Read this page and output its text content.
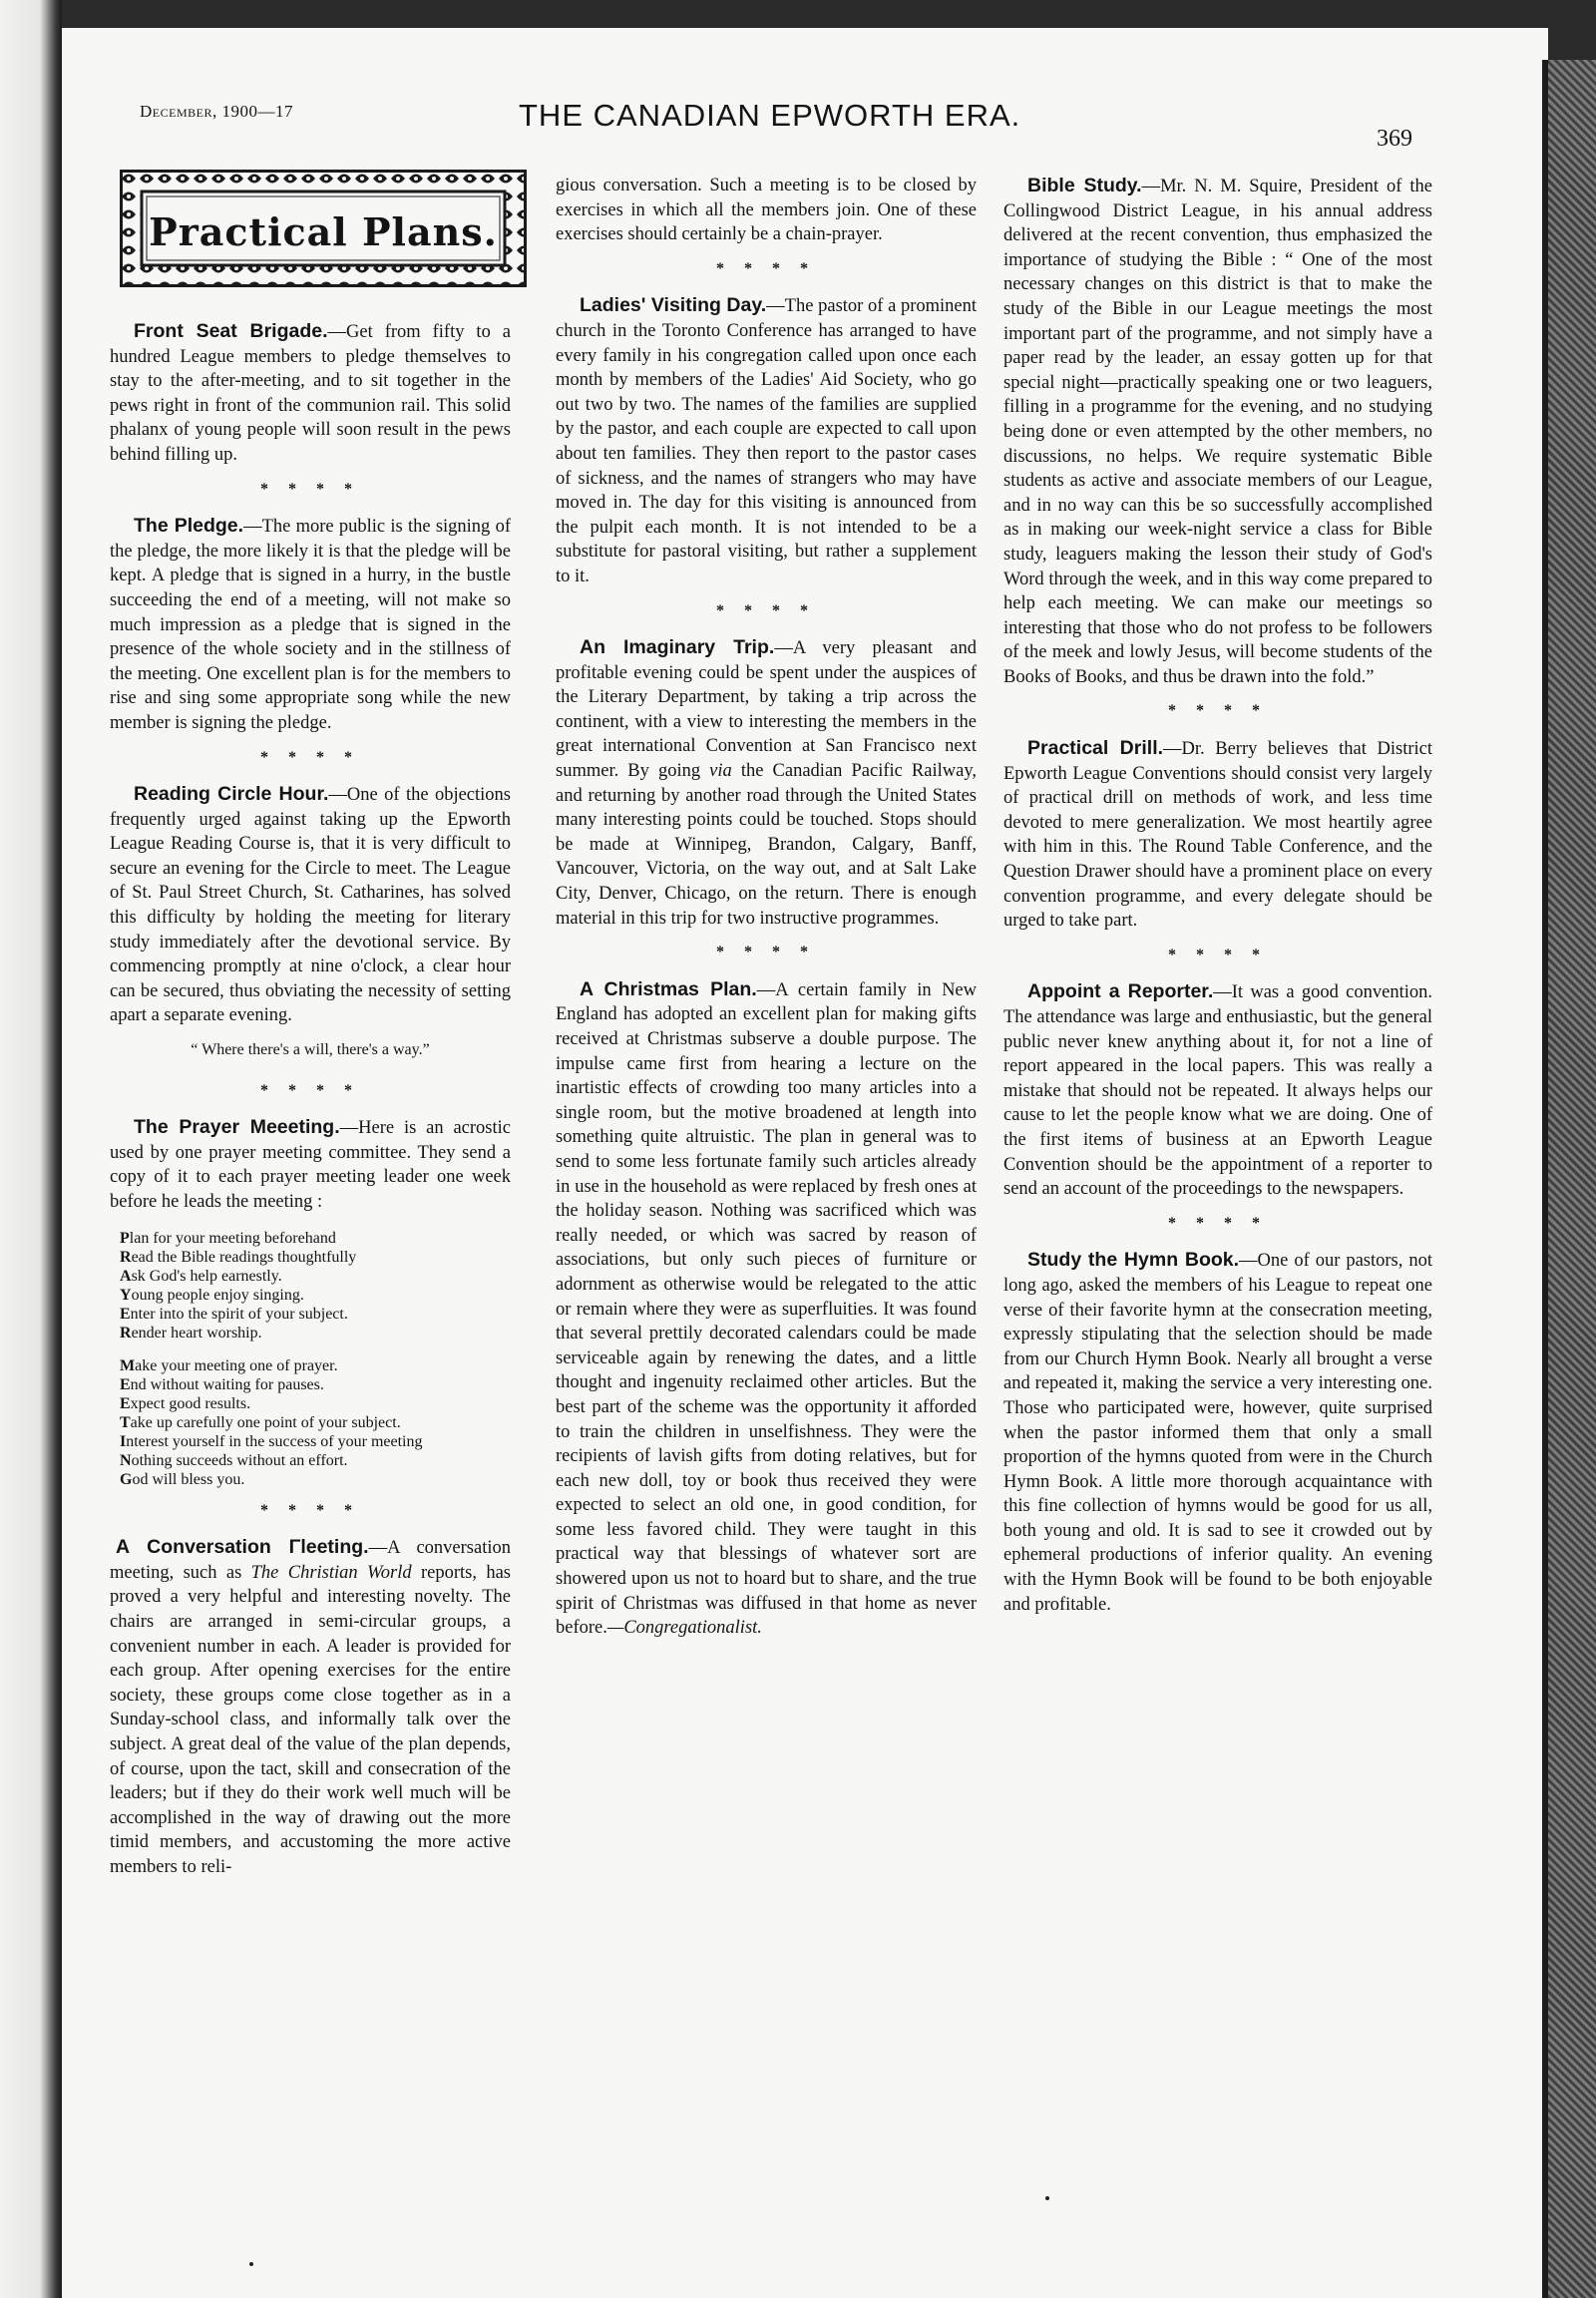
December, 1900—17	THE CANADIAN EPWORTH ERA.
369
Practical Plans.

Front Seat Brigade.—Get from fifty to a hundred League members to pledge themselves to stay to the after-meeting, and to sit together in the pews right in front of the communion rail. This solid phalanx of young people will soon result in the pews behind filling up.

* * * *

The Pledge.—The more public is the signing of the pledge, the more likely it is that the pledge will be kept. A pledge that is signed in a hurry, in the bustle succeeding the end of a meeting, will not make so much impression as a pledge that is signed in the presence of the whole society and in the stillness of the meeting. One excellent plan is for the members to rise and sing some appropriate song while the new member is signing the pledge.

* * * *

Reading Circle Hour.—One of the objections frequently urged against taking up the Epworth League Reading Course is, that it is very difficult to secure an evening for the Circle to meet. The League of St. Paul Street Church, St. Catharines, has solved this difficulty by holding the meeting for literary study immediately after the devotional service. By commencing promptly at nine o'clock, a clear hour can be secured, thus obviating the necessity of setting apart a separate evening.

“ Where there's a will, there's a way.”
* * * *

The Prayer Meeeting.—Here is an acrostic used by one prayer meeting committee. They send a copy of it to each prayer meeting leader one week before he leads the meeting :

Plan for your meeting beforehand
Read the Bible readings thoughtfully
Ask God's help earnestly.
Young people enjoy singing.
Enter into the spirit of your subject.
Render heart worship.
Make your meeting one of prayer.
End without waiting for pauses.
Expect good results.
Take up carefully one point of your subject.
Interest yourself in the success of your meeting
Nothing succeeds without an effort.
God will bless you.
* * * *

A Conversation Γleeting.—A conversation meeting, such as The Christian World reports, has proved a very helpful and interesting novelty. The chairs are arranged in semi-circular groups, a convenient number in each. A leader is provided for each group. After opening exercises for the entire society, these groups come close together as in a Sunday-school class, and informally talk over the subject. A great deal of the value of the plan depends, of course, upon the tact, skill and consecration of the leaders; but if they do their work well much will be accomplished in the way of drawing out the more timid members, and accustoming the more active members to reli-

gious conversation. Such a meeting is to be closed by exercises in which all the members join. One of these exercises should certainly be a chain-prayer.

* * * *

Ladies' Visiting Day.—The pastor of a prominent church in the Toronto Conference has arranged to have every family in his congregation called upon once each month by members of the Ladies' Aid Society, who go out two by two. The names of the families are supplied by the pastor, and each couple are expected to call upon about ten families. They then report to the pastor cases of sickness, and the names of strangers who may have moved in. The day for this visiting is announced from the pulpit each month. It is not intended to be a substitute for pastoral visiting, but rather a supplement to it.

* * * *

An Imaginary Trip.—A very pleasant and profitable evening could be spent under the auspices of the Literary Department, by taking a trip across the continent, with a view to interesting the members in the great international Convention at San Francisco next summer. By going via the Canadian Pacific Railway, and returning by another road through the United States many interesting points could be touched. Stops should be made at Winnipeg, Brandon, Calgary, Banff, Vancouver, Victoria, on the way out, and at Salt Lake City, Denver, Chicago, on the return. There is enough material in this trip for two instructive programmes.

* * * *

A Christmas Plan.—A certain family in New England has adopted an excellent plan for making gifts received at Christmas subserve a double purpose. The impulse came first from hearing a lecture on the inartistic effects of crowding too many articles into a single room, but the motive broadened at length into something quite altruistic. The plan in general was to send to some less fortunate family such articles already in use in the household as were replaced by fresh ones at the holiday season. Nothing was sacrificed which was really needed, or which was sacred by reason of associations, but only such pieces of furniture or adornment as otherwise would be relegated to the attic or remain where they were as superfluities. It was found that several prettily decorated calendars could be made serviceable again by renewing the dates, and a little thought and ingenuity reclaimed other articles. But the best part of the scheme was the opportunity it afforded to train the children in unselfishness. They were the recipients of lavish gifts from doting relatives, but for each new doll, toy or book thus received they were expected to select an old one, in good condition, for some less favored child. They were taught in this practical way that blessings of whatever sort are showered upon us not to hoard but to share, and the true spirit of Christmas was diffused in that home as never before.—Congregationalist.

Bible Study.—Mr. N. M. Squire, President of the Collingwood District League, in his annual address delivered at the recent convention, thus emphasized the importance of studying the Bible : “ One of the most necessary changes on this district is that to make the study of the Bible in our League meetings the most important part of the programme, and not simply have a paper read by the leader, an essay gotten up for that special night—practically speaking one or two leaguers, filling in a programme for the evening, and no studying being done or even attempted by the other members, no discussions, no helps. We require systematic Bible students as active and associate members of our League, and in no way can this be so successfully accomplished as in making our week-night service a class for Bible study, leaguers making the lesson their study of God's Word through the week, and in this way come prepared to help each meeting. We can make our meetings so interesting that those who do not profess to be followers of the meek and lowly Jesus, will become students of the Books of Books, and thus be drawn into the fold.”

* * * *

Practical Drill.—Dr. Berry believes that District Epworth League Conventions should consist very largely of practical drill on methods of work, and less time devoted to mere generalization. We most heartily agree with him in this. The Round Table Conference, and the Question Drawer should have a prominent place on every convention programme, and every delegate should be urged to take part.

* * * *

Appoint a Reporter.—It was a good convention. The attendance was large and enthusiastic, but the general public never knew anything about it, for not a line of report appeared in the local papers. This was really a mistake that should not be repeated. It always helps our cause to let the people know what we are doing. One of the first items of business at an Epworth League Convention should be the appointment of a reporter to send an account of the proceedings to the newspapers.

* * * *

Study the Hymn Book.—One of our pastors, not long ago, asked the members of his League to repeat one verse of their favorite hymn at the consecration meeting, expressly stipulating that the selection should be made from our Church Hymn Book. Nearly all brought a verse and repeated it, making the service a very interesting one. Those who participated were, however, quite surprised when the pastor informed them that only a small proportion of the hymns quoted from were in the Church Hymn Book. A little more thorough acquaintance with this fine collection of hymns would be good for us all, both young and old. It is sad to see it crowded out by ephemeral productions of inferior quality. An evening with the Hymn Book will be found to be both enjoyable and profitable.
